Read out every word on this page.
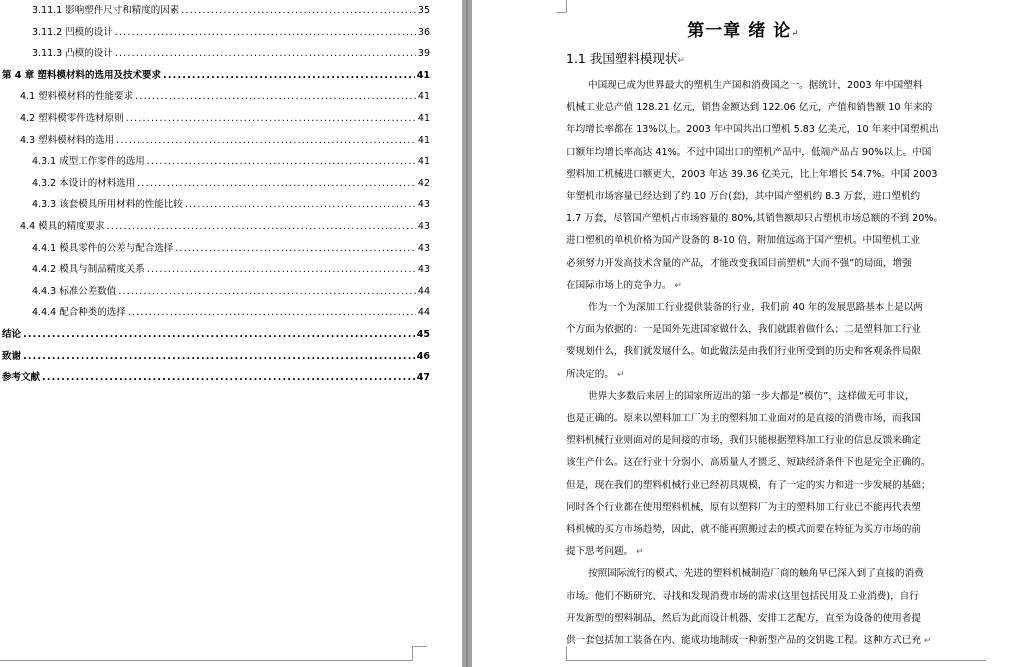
3.11.1 影响塑件尺寸和精度的因素 .....	35
3.11.2 凹模的设计 .....	36
3.11.3 凸模的设计 .....	39
第 4 章 塑料模材料的选用及技术要求 .....	41
4.1 塑料模材料的性能要求 .....	41
4.2 塑料模零件选材原则 .....	41
4.3 塑料模材料的选用 .....	41
4.3.1 成型工作零件的选用 .....	41
4.3.2 本设计的材料选用 .....	42
4.3.3 该套模具所用材料的性能比较 .....	43
4.4 模具的精度要求 .....	43
4.4.1 模具零件的公差与配合选择 .....	43
4.4.2 模具与制品精度关系 .....	43
4.4.3 标准公差数值 .....	44
4.4.4 配合种类的选择 .....	44
结论 .....	45
致谢 .....	46
参考文献 .....	47
第一章 绪 论↵
1.1 我国塑料模现状↵
中国现已成为世界最大的塑机生产国和消费国之一。据统计，2003 年中国塑料
机械工业总产值 128.21 亿元，销售金额达到 122.06 亿元，产值和销售额 10 年来的
年均增长率都在 13%以上。2003 年中国共出口塑机 5.83 亿美元，10 年来中国塑机出
口额年均增长率高达 41%。不过中国出口的塑机产品中，低端产品占 90%以上。中国
塑料加工机械进口额更大，2003 年达 39.36 亿美元，比上年增长 54.7%。中国 2003
年塑机市场容量已经达到了约 10 万台(套)，其中国产塑机约 8.3 万套，进口塑机约
1.7 万套，尽管国产塑机占市场容量的 80%,其销售额却只占塑机市场总额的不到 20%。
进口塑机的单机价格为国产设备的 8-10 倍，附加值远高于国产塑机。中国塑机工业
必须努力开发高技术含量的产品，才能改变我国目前塑机“大而不强”的局面，增强
在国际市场上的竞争力。 ↵
作为一个为深加工行业提供装备的行业，我们前 40 年的发展思路基本上是以两
个方面为依据的：一是国外先进国家做什么，我们就跟着做什么；二是塑料加工行业
要规划什么，我们就发展什么。如此做法是由我们行业所受到的历史和客观条件局限
所决定的。 ↵
世界大多数后来居上的国家所迈出的第一步大都是“模仿”，这样做无可非议，
也是正确的。原来以塑料加工厂为主的塑料加工业面对的是直接的消费市场，而我国
塑料机械行业则面对的是间接的市场，我们只能根据塑料加工行业的信息反馈来确定
该生产什么。这在行业十分弱小、高质量人才匮乏、短缺经济条件下也是完全正确的。
但是，现在我们的塑料机械行业已经初具规模，有了一定的实力和进一步发展的基础；
同时各个行业都在使用塑料机械，原有以塑料厂为主的塑料加工行业已不能再代表塑
料机械的买方市场趋势，因此，就不能再照搬过去的模式而要在特征为买方市场的前
提下思考问题。 ↵
按照国际流行的模式，先进的塑料机械制造厂商的触角早已深入到了直接的消费
市场。他们不断研究、寻找和发现消费市场的需求(这里包括民用及工业消费)，自行
开发新型的塑料制品，然后为此而设计机器、安排工艺配方，直至为设备的使用者提
供一套包括加工装备在内、能成功地制成一种新型产品的交钥匙工程。这种方式已充 ↵
